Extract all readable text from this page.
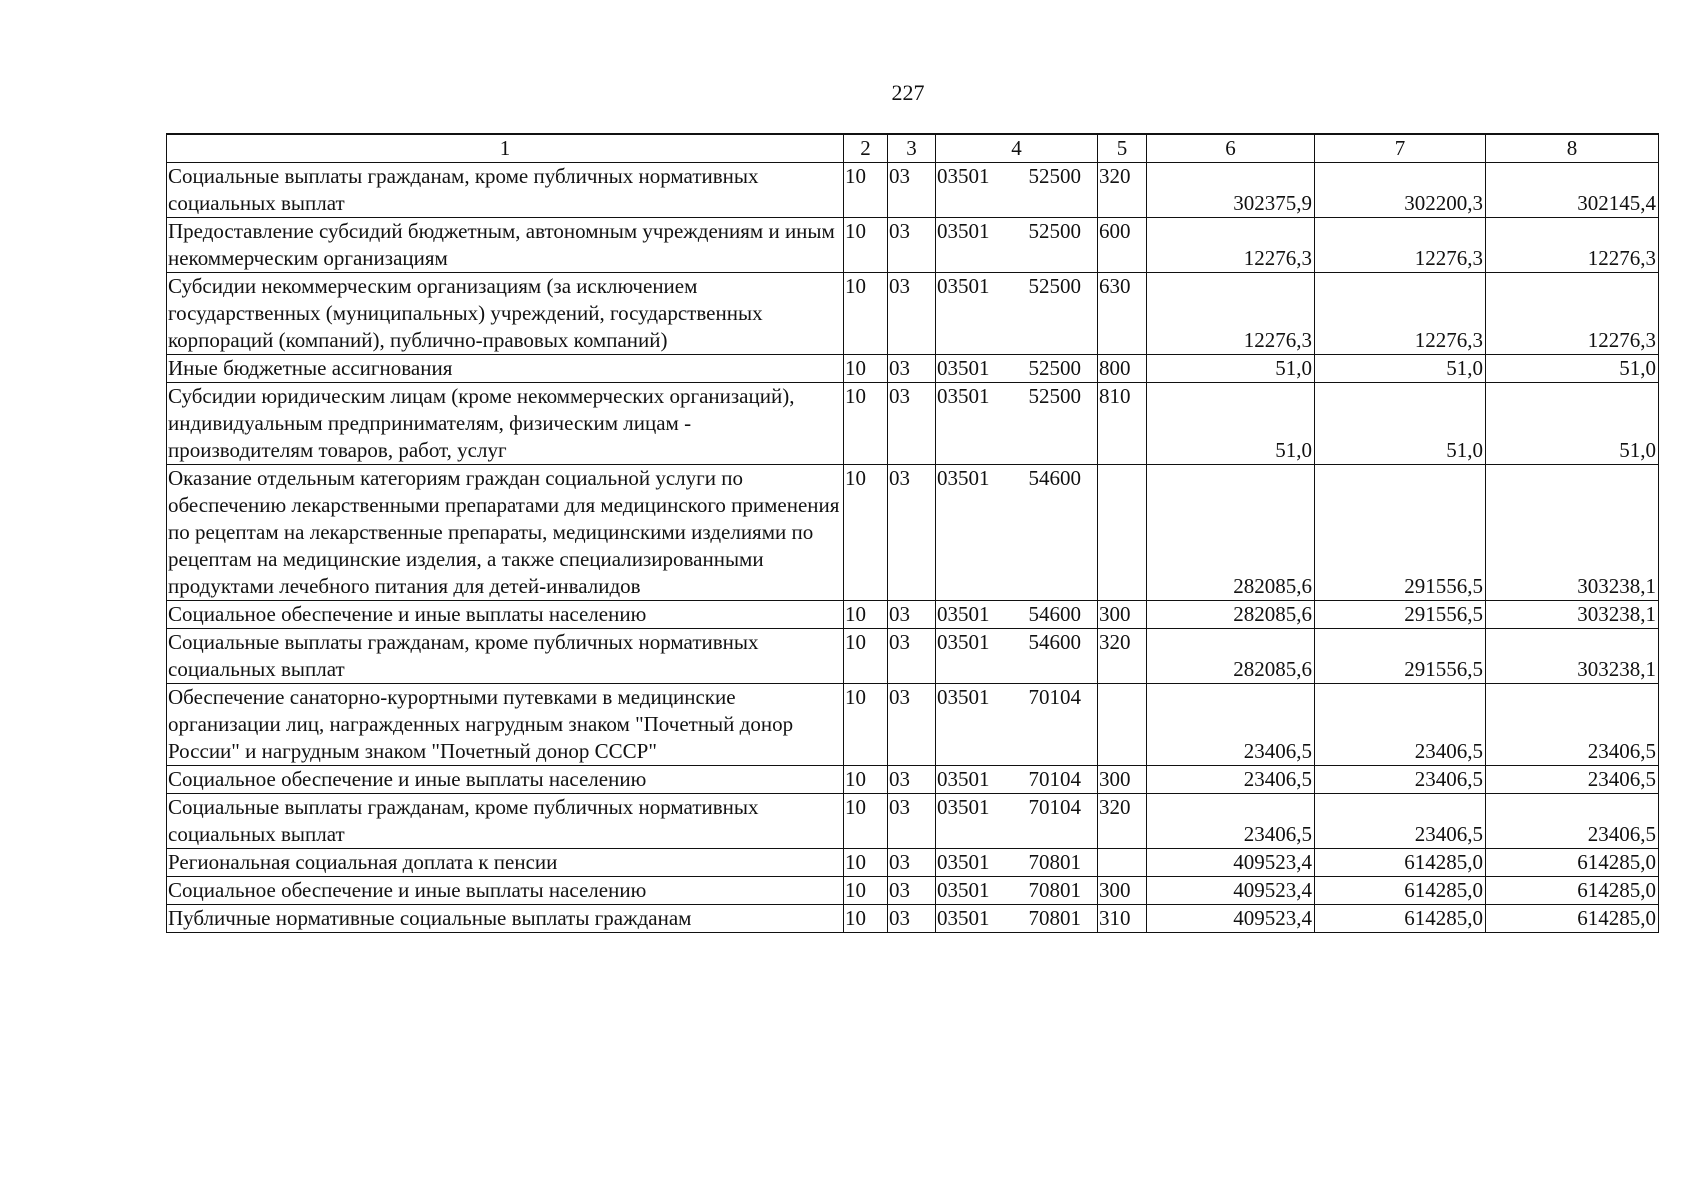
227
1	2	3	4	5	6	7	8
Социальные выплаты гражданам, кроме публичных нормативных социальных выплат	10	03	03501 52500	320	302375,9	302200,3	302145,4
Предоставление субсидий бюджетным, автономным учреждениям и иным некоммерческим организациям	10	03	03501 52500	600	12276,3	12276,3	12276,3
Субсидии некоммерческим организациям (за исключением государственных (муниципальных) учреждений, государственных корпораций (компаний), публично-правовых компаний)	10	03	03501 52500	630	12276,3	12276,3	12276,3
Иные бюджетные ассигнования	10	03	03501 52500	800	51,0	51,0	51,0
Субсидии юридическим лицам (кроме некоммерческих организаций), индивидуальным предпринимателям, физическим лицам - производителям товаров, работ, услуг	10	03	03501 52500	810	51,0	51,0	51,0
Оказание отдельным категориям граждан социальной услуги по обеспечению лекарственными препаратами для медицинского применения по рецептам на лекарственные препараты, медицинскими изделиями по рецептам на медицинские изделия, а также специализированными продуктами лечебного питания для детей-инвалидов	10	03	03501 54600		282085,6	291556,5	303238,1
Социальное обеспечение и иные выплаты населению	10	03	03501 54600	300	282085,6	291556,5	303238,1
Социальные выплаты гражданам, кроме публичных нормативных социальных выплат	10	03	03501 54600	320	282085,6	291556,5	303238,1
Обеспечение санаторно-курортными путевками в медицинские организации лиц, награжденных нагрудным знаком "Почетный донор России" и нагрудным знаком "Почетный донор СССР"	10	03	03501 70104		23406,5	23406,5	23406,5
Социальное обеспечение и иные выплаты населению	10	03	03501 70104	300	23406,5	23406,5	23406,5
Социальные выплаты гражданам, кроме публичных нормативных социальных выплат	10	03	03501 70104	320	23406,5	23406,5	23406,5
Региональная социальная доплата к пенсии	10	03	03501 70801		409523,4	614285,0	614285,0
Социальное обеспечение и иные выплаты населению	10	03	03501 70801	300	409523,4	614285,0	614285,0
Публичные нормативные социальные выплаты гражданам	10	03	03501 70801	310	409523,4	614285,0	614285,0
